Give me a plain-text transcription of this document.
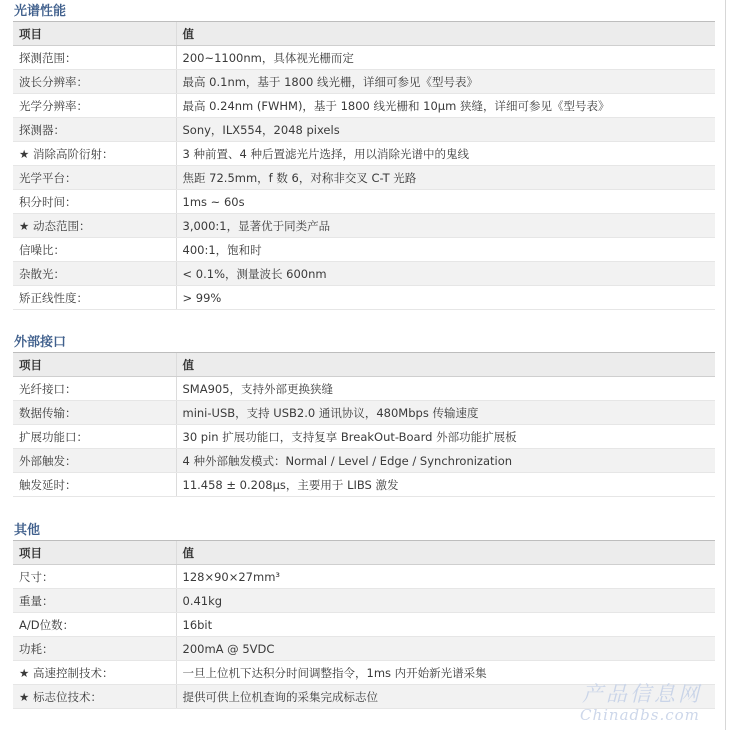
光谱性能
项目	值
探测范围：	200~1100nm，具体视光栅而定
波长分辨率：	最高 0.1nm，基于 1800 线光栅，详细可参见《型号表》
光学分辨率：	最高 0.24nm (FWHM)，基于 1800 线光栅和 10μm 狭缝，详细可参见《型号表》
探测器：	Sony，ILX554，2048 pixels
★ 消除高阶衍射：	3 种前置、4 种后置滤光片选择，用以消除光谱中的鬼线
光学平台：	焦距 72.5mm，f 数 6，对称非交叉 C-T 光路
积分时间：	1ms ~ 60s
★ 动态范围：	3,000:1，显著优于同类产品
信噪比：	400:1，饱和时
杂散光：	< 0.1%，测量波长 600nm
矫正线性度：	> 99%
外部接口
项目	值
光纤接口：	SMA905，支持外部更换狭缝
数据传输：	mini-USB，支持 USB2.0 通讯协议，480Mbps 传输速度
扩展功能口：	30 pin 扩展功能口，支持复享 BreakOut-Board 外部功能扩展板
外部触发：	4 种外部触发模式：Normal / Level / Edge / Synchronization
触发延时：	11.458 ± 0.208μs，主要用于 LIBS 激发
其他
项目	值
尺寸：	128×90×27mm³
重量：	0.41kg
A/D位数：	16bit
功耗：	200mA @ 5VDC
★ 高速控制技术：	一旦上位机下达积分时间调整指令，1ms 内开始新光谱采集
★ 标志位技术：	提供可供上位机查询的采集完成标志位	产品信息网
Chinadbs.com
